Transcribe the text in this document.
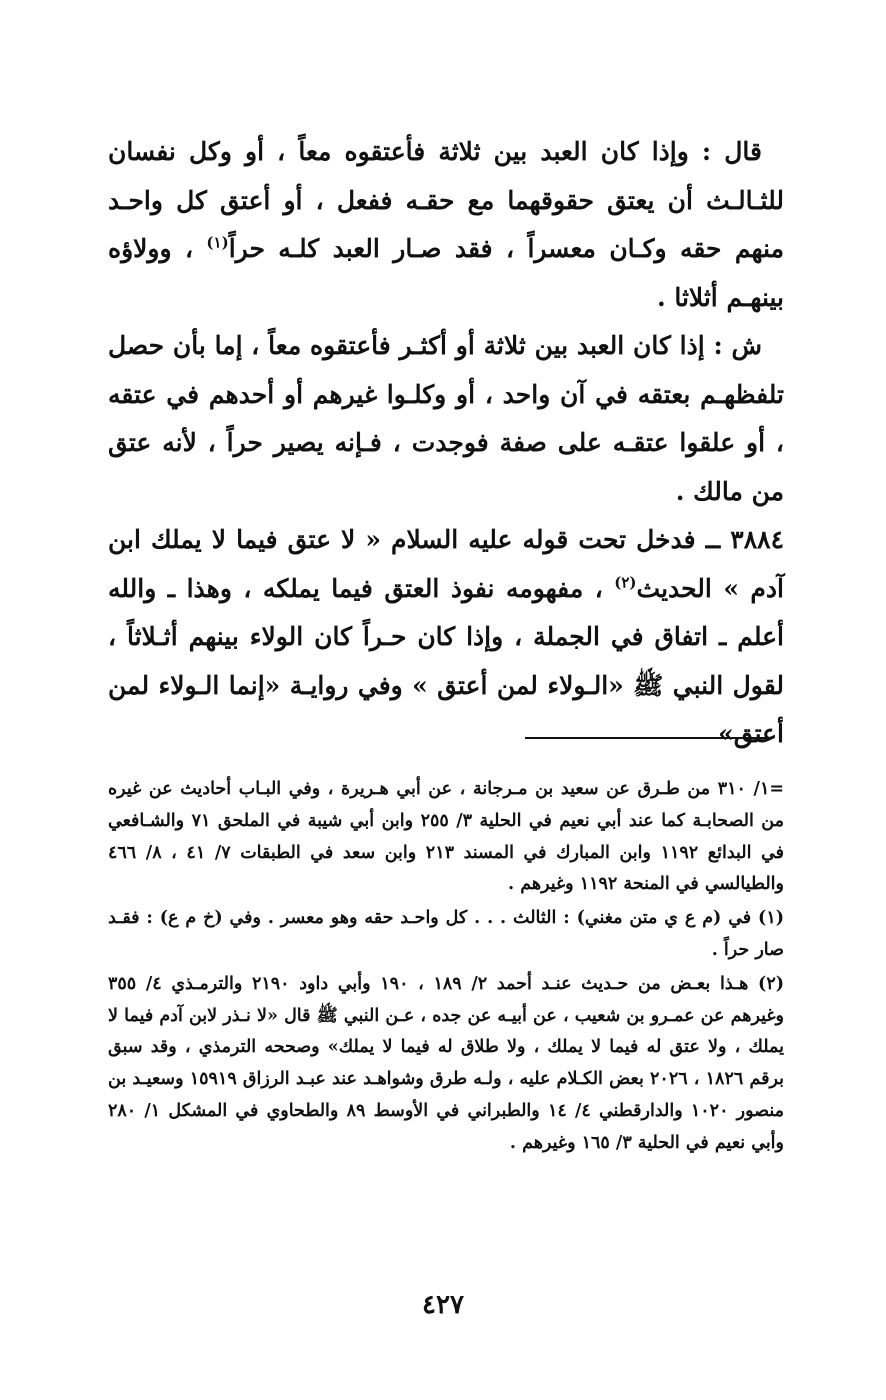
قال : وإذا كان العبد بين ثلاثة فأعتقوه معاً ، أو وكل نفسان للثـالـث أن يعتق حقوقهما مع حقـه ففعل ، أو أعتق كل واحـد منهم حقه وكـان معسراً ، فقد صـار العبد كلـه حراً$^{(١)}$ ، وولاؤه بينهـم أثلاثا .

ش : إذا كان العبد بين ثلاثة أو أكثـر فأعتقوه معاً ، إما بأن حصل تلفظهـم بعتقه في آن واحد ، أو وكلـوا غيرهم أو أحدهم في عتقه ، أو علقوا عتقـه على صفة فوجدت ، فـإنه يصير حراً ، لأنه عتق من مالك .

٣٨٨٤ ــ فدخل تحت قوله عليه السلام « لا عتق فيما لا يملك ابن آدم » الحديث$^{(٢)}$ ، مفهومه نفوذ العتق فيما يملكه ، وهذا ـ والله أعلم ـ اتفاق في الجملة ، وإذا كان حـراً كان الولاء بينهم أثـلاثاً ، لقول النبي ﷺ «الـولاء لمن أعتق » وفي روايـة «إنما الـولاء لمن أعتق»

=١/ ٣١٠ من طـرق عن سعيد بن مـرجانة ، عن أبي هـريرة ، وفي البـاب أحاديث عن غيره من الصحابـة كما عند أبي نعيم في الحلية ٣/ ٢٥٥ وابن أبي شيبة في الملحق ٧١ والشـافعي في البدائع ١١٩٢ وابن المبارك في المسند ٢١٣ وابن سعد في الطبقات ٧/ ٤١ ، ٨/ ٤٦٦ والطيالسي في المنحة ١١٩٢ وغيرهم .

(١) في (م ع ي متن مغني) : الثالث . . . كل واحـد حقه وهو معسر . وفي (خ م ع) : فقـد صار حراً .

(٢) هـذا بعـض من حـديث عنـد أحمد ٢/ ١٨٩ ، ١٩٠ وأبي داود ٢١٩٠ والترمـذي ٤/ ٣٥٥ وغيرهم عن عمـرو بن شعيب ، عن أبيـه عن جده ، عـن النبي ﷺ قال «لا نـذر لابن آدم فيما لا يملك ، ولا عتق له فيما لا يملك ، ولا طلاق له فيما لا يملك» وصححه الترمذي ، وقد سبق برقم ١٨٢٦ ، ٢٠٢٦ بعض الكـلام عليه ، ولـه طرق وشواهـد عند عبـد الرزاق ١٥٩١٩ وسعيـد بن منصور ١٠٢٠ والدارقطني ٤/ ١٤ والطبراني في الأوسط ٨٩ والطحاوي في المشكل ١/ ٢٨٠ وأبي نعيم في الحلية ٣/ ١٦٥ وغيرهم .

٤٢٧
